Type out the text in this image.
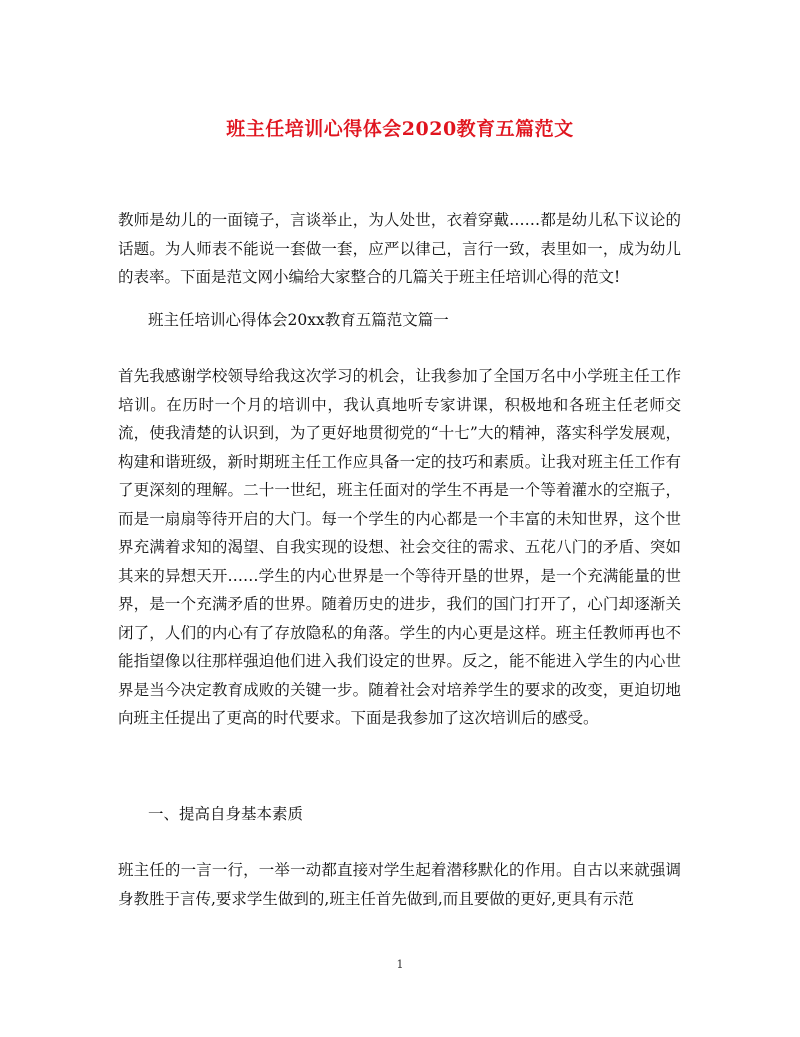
班主任培训心得体会2020教育五篇范文
教师是幼儿的一面镜子，言谈举止，为人处世，衣着穿戴……都是幼儿私下议论的话题。为人师表不能说一套做一套，应严以律己，言行一致，表里如一，成为幼儿的表率。下面是范文网小编给大家整合的几篇关于班主任培训心得的范文!
班主任培训心得体会20xx教育五篇范文篇一
首先我感谢学校领导给我这次学习的机会，让我参加了全国万名中小学班主任工作培训。在历时一个月的培训中，我认真地听专家讲课，积极地和各班主任老师交流，使我清楚的认识到，为了更好地贯彻党的“十七”大的精神，落实科学发展观，构建和谐班级，新时期班主任工作应具备一定的技巧和素质。让我对班主任工作有了更深刻的理解。二十一世纪，班主任面对的学生不再是一个等着灌水的空瓶子，而是一扇扇等待开启的大门。每一个学生的内心都是一个丰富的未知世界，这个世界充满着求知的渴望、自我实现的设想、社会交往的需求、五花八门的矛盾、突如其来的异想天开……学生的内心世界是一个等待开垦的世界，是一个充满能量的世界，是一个充满矛盾的世界。随着历史的进步，我们的国门打开了，心门却逐渐关闭了，人们的内心有了存放隐私的角落。学生的内心更是这样。班主任教师再也不能指望像以往那样强迫他们进入我们设定的世界。反之，能不能进入学生的内心世界是当今决定教育成败的关键一步。随着社会对培养学生的要求的改变，更迫切地向班主任提出了更高的时代要求。下面是我参加了这次培训后的感受。
一、提高自身基本素质
班主任的一言一行，一举一动都直接对学生起着潜移默化的作用。自古以来就强调身教胜于言传,要求学生做到的,班主任首先做到,而且要做的更好,更具有示范
1
